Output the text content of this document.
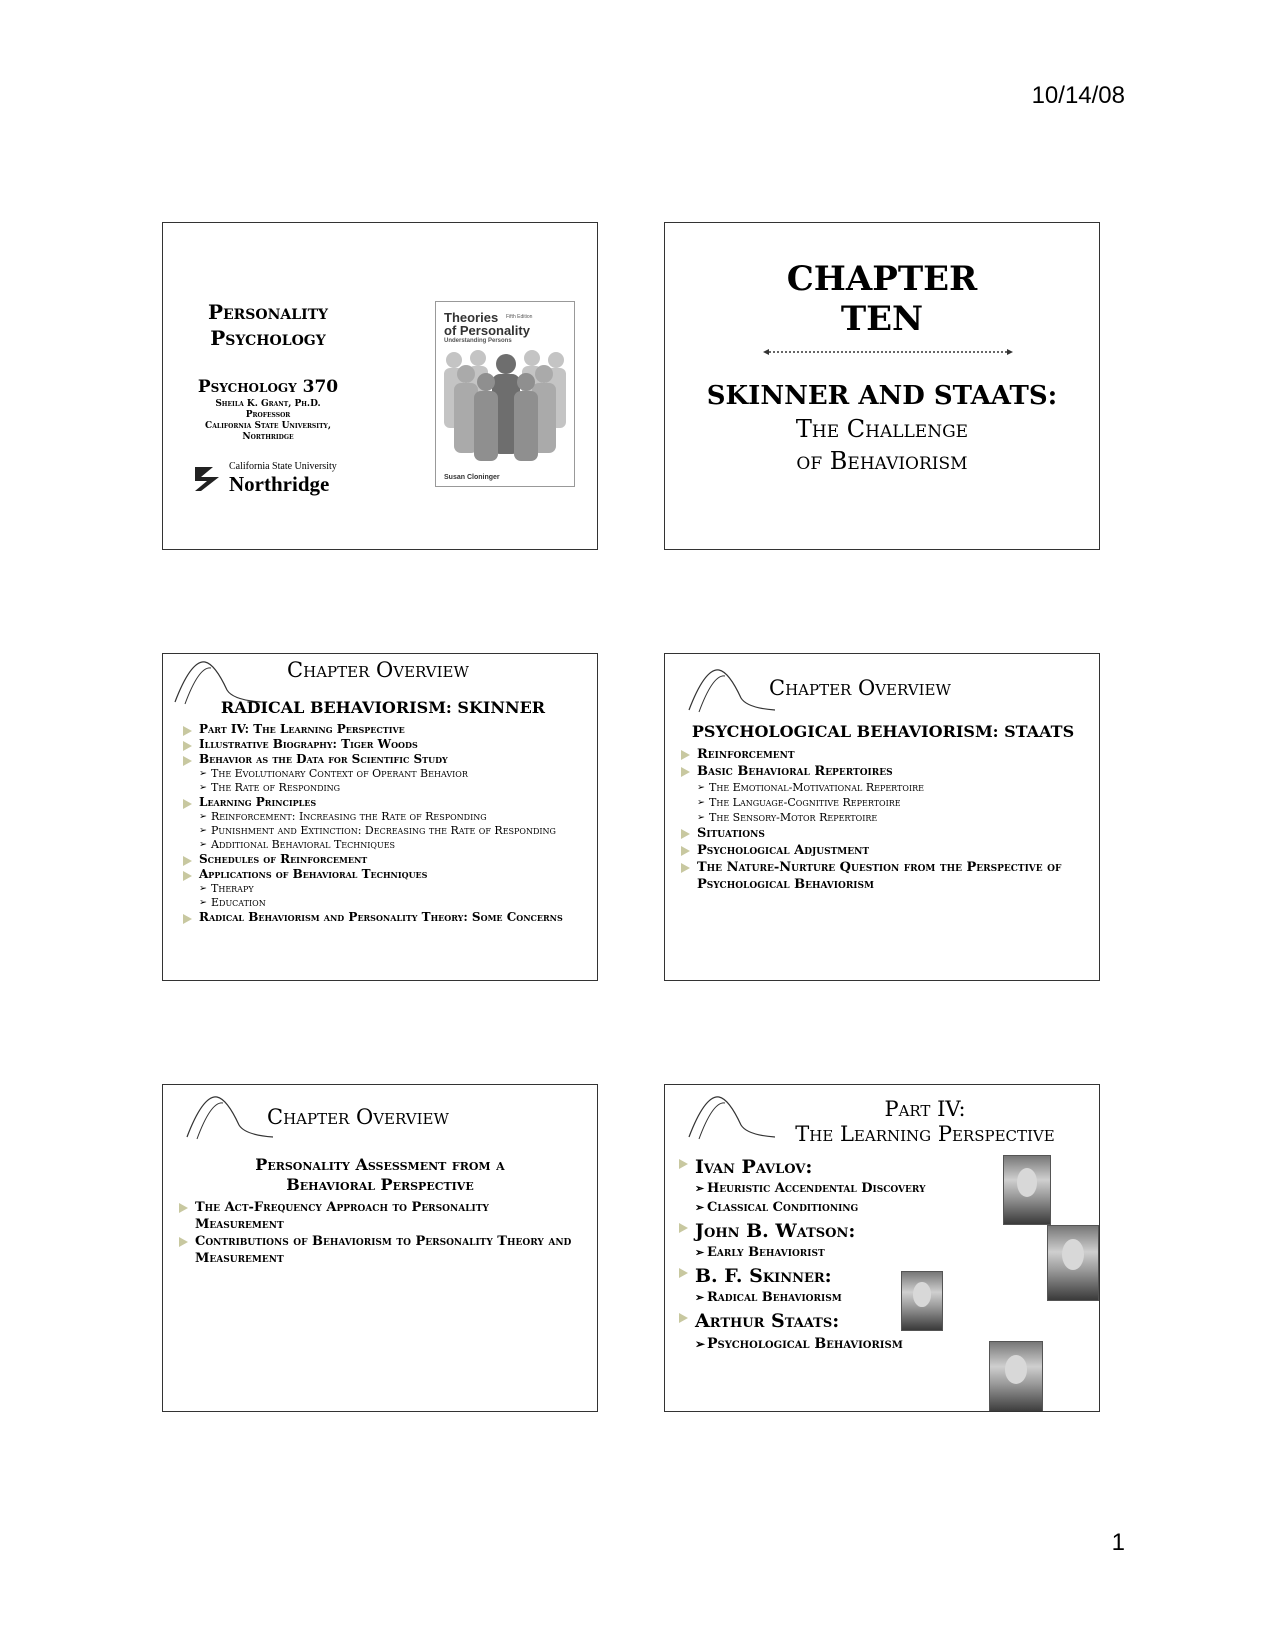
10/14/08
Personality
Psychology
Psychology 370
Sheila K. Grant, Ph.D.
Professor
California State University,
Northridge
California State University
Northridge
Theories Fifth Edition
of Personality
Understanding Persons
Susan Cloninger
CHAPTER
TEN
SKINNER AND STAATS:
The Challenge
of Behaviorism
Chapter Overview
RADICAL BEHAVIORISM: SKINNER
Part IV: The Learning Perspective
Illustrative Biography: Tiger Woods
Behavior as the Data for Scientific Study
➢ The Evolutionary Context of Operant Behavior
➢ The Rate of Responding
Learning Principles
➢ Reinforcement: Increasing the Rate of Responding
➢ Punishment and Extinction: Decreasing the Rate of Responding
➢ Additional Behavioral Techniques
Schedules of Reinforcement
Applications of Behavioral Techniques
➢ Therapy
➢ Education
Radical Behaviorism and Personality Theory: Some Concerns
Chapter Overview
PSYCHOLOGICAL BEHAVIORISM: STAATS
Reinforcement
Basic Behavioral Repertoires
➢ The Emotional-Motivational Repertoire
➢ The Language-Cognitive Repertoire
➢ The Sensory-Motor Repertoire
Situations
Psychological Adjustment
The Nature-Nurture Question from the Perspective of Psychological Behaviorism
Chapter Overview
Personality Assessment from a
Behavioral Perspective
The Act-Frequency Approach to Personality Measurement
Contributions of Behaviorism to Personality Theory and Measurement
Part IV:
The Learning Perspective
Ivan Pavlov:
➢ Heuristic Accendental Discovery
➢ Classical Conditioning
John B. Watson:
➢ Early Behaviorist
B. F. Skinner:
➢ Radical Behaviorism
Arthur Staats:
➢ Psychological Behaviorism
1
